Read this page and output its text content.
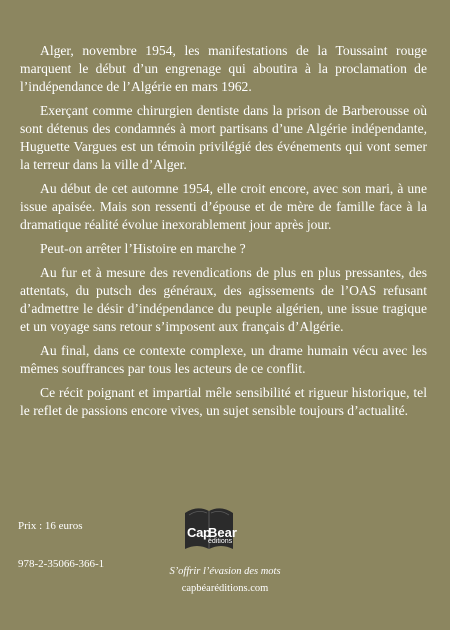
Alger, novembre 1954, les manifestations de la Toussaint rouge marquent le début d’un engrenage qui aboutira à la proclamation de l’indépendance de l’Algérie en mars 1962.

Exerçant comme chirurgien dentiste dans la prison de Barberousse où sont détenus des condamnés à mort partisans d’une Algérie indépendante, Huguette Vargues est un témoin privilégié des événements qui vont semer la terreur dans la ville d’Alger.

Au début de cet automne 1954, elle croit encore, avec son mari, à une issue apaisée. Mais son ressenti d’épouse et de mère de famille face à la dramatique réalité évolue inexorablement jour après jour.

Peut-on arrêter l’Histoire en marche ?

Au fur et à mesure des revendications de plus en plus pressantes, des attentats, du putsch des généraux, des agissements de l’OAS refusant d’admettre le désir d’indépendance du peuple algérien, une issue tragique et un voyage sans retour s’imposent aux français d’Algérie.

Au final, dans ce contexte complexe, un drame humain vécu avec les mêmes souffrances par tous les acteurs de ce conflit.

Ce récit poignant et impartial mêle sensibilité et rigueur historique, tel le reflet de passions encore vives, un sujet sensible toujours d’actualité.

Prix : 16 euros
978-2-35066-366-1
Cap
Bear
éditions
S’offrir l’évasion des mots
capbéaréditions.com
